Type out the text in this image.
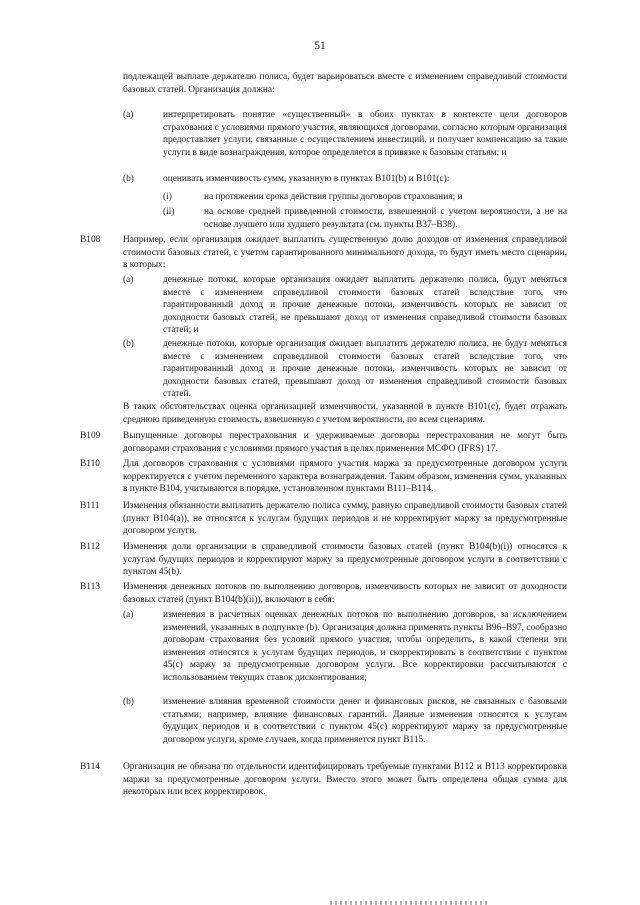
51
подлежащей выплате держателю полиса, будет варьироваться вместе с изменением справедливой стоимости базовых статей. Организация должна:
(a)	интерпретировать понятие «существенный» в обоих пунктах в контексте цели договоров страхования с условиями прямого участия, являющихся договорами, согласно которым организация предоставляет услуги, связанные с осуществлением инвестиций, и получает компенсацию за такие услуги в виде вознаграждения, которое определяется в привязке к базовым статьям; и
(b)	оценивать изменчивость сумм, указанную в пунктах B101(b) и B101(c):
(i)	на протяжении срока действия группы договоров страхования; и
(ii)	на основе средней приведенной стоимости, взвешенной с учетом вероятности, а не на основе лучшего или худшего результата (см. пункты B37–B38).
B108 Например, если организация ожидает выплатить существенную долю доходов от изменения справедливой стоимости базовых статей, с учетом гарантированного минимального дохода, то будут иметь место сценарии, в которых:
(a)	денежные потоки, которые организация ожидает выплатить держателю полиса, будут меняться вместе с изменением справедливой стоимости базовых статей вследствие того, что гарантированный доход и прочие денежные потоки, изменчивость которых не зависит от доходности базовых статей, не превышают доход от изменения справедливой стоимости базовых статей; и
(b)	денежные потоки, которые организация ожидает выплатить держателю полиса, не будут меняться вместе с изменением справедливой стоимости базовых статей вследствие того, что гарантированный доход и прочие денежные потоки, изменчивость которых не зависит от доходности базовых статей, превышают доход от изменения справедливой стоимости базовых статей.
В таких обстоятельствах оценка организацией изменчивости, указанной в пункте B101(c), будет отражать среднюю приведенную стоимость, взвешенную с учетом вероятности, по всем сценариям.
B109 Выпущенные договоры перестрахования и удерживаемые договоры перестрахования не могут быть договорами страхования с условиями прямого участия в целях применения МСФО (IFRS) 17.
B110 Для договоров страхования с условиями прямого участия маржа за предусмотренные договором услуги корректируется с учетом переменного характера вознаграждения. Таким образом, изменения сумм, указанных в пункте B104, учитываются в порядке, установленном пунктами B111–B114.
B111 Изменения обязанности выплатить держателю полиса сумму, равную справедливой стоимости базовых статей (пункт B104(a)), не относятся к услугам будущих периодов и не корректируют маржу за предусмотренные договором услуги.
B112 Изменения доли организации в справедливой стоимости базовых статей (пункт B104(b)(i)) относятся к услугам будущих периодов и корректируют маржу за предусмотренные договором услуги в соответствии с пунктом 45(b).
B113 Изменения денежных потоков по выполнению договоров, изменчивость которых не зависит от доходности базовых статей (пункт B104(b)(ii)), включают в себя:
(a)	изменения в расчетных оценках денежных потоков по выполнению договоров, за исключением изменений, указанных в подпункте (b). Организация должна применять пункты B96–B97, сообразно договорам страхования без условий прямого участия, чтобы определить, в какой степени эти изменения относятся к услугам будущих периодов, и скорректировать в соответствии с пунктом 45(c) маржу за предусмотренные договором услуги. Все корректировки рассчитываются с использованием текущих ставок дисконтирования;
(b)	изменение влияния временной стоимости денег и финансовых рисков, не связанных с базовыми статьями; например, влияние финансовых гарантий. Данные изменения относятся к услугам будущих периодов и в соответствии с пунктом 45(c) корректируют маржу за предусмотренные договором услуги, кроме случаев, когда применяется пункт B115.
B114 Организация не обязана по отдельности идентифицировать требуемые пунктами B112 и B113 корректировки маржи за предусмотренные договором услуги. Вместо этого может быть определена общая сумма для некоторых или всех корректировок.
